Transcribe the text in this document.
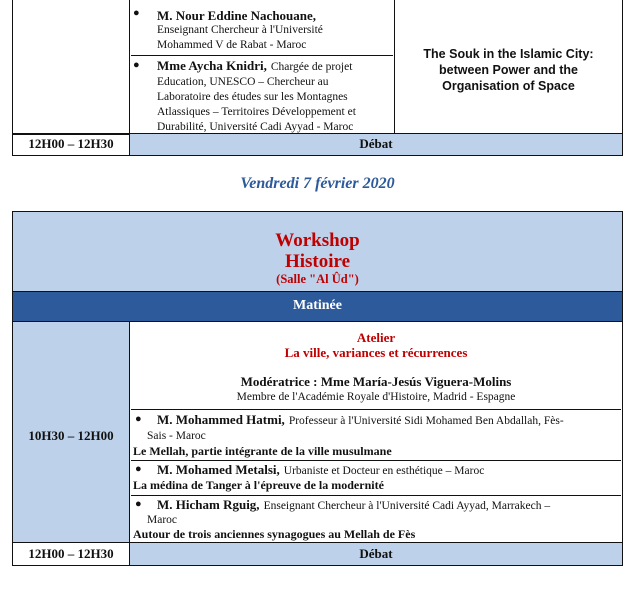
● M. Nour Eddine Nachouane,
Enseignant Chercheur à l'Université
Mohammed V de Rabat - Maroc
● Mme Aycha Knidri, Chargée de projet
Education, UNESCO – Chercheur au
Laboratoire des études sur les Montagnes
Atlassiques – Territoires Développement et
Durabilité, Université Cadi Ayyad - Maroc
The Souk in the Islamic City:
between Power and the
Organisation of Space
12H00 – 12H30	Débat
Vendredi 7 février 2020
Workshop
Histoire
(Salle "Al Ûd")
Matinée
10H30 – 12H00
Atelier
La ville, variances et récurrences
Modératrice : Mme María-Jesús Viguera-Molins
Membre de l'Académie Royale d'Histoire, Madrid - Espagne
● M. Mohammed Hatmi, Professeur à l'Université Sidi Mohamed Ben Abdallah, Fès-
Sais - Maroc
Le Mellah, partie intégrante de la ville musulmane
● M. Mohamed Metalsi, Urbaniste et Docteur en esthétique – Maroc
La médina de Tanger à l'épreuve de la modernité
● M. Hicham Rguig, Enseignant Chercheur à l'Université Cadi Ayyad, Marrakech –
Maroc
Autour de trois anciennes synagogues au Mellah de Fès
12H00 – 12H30	Débat
